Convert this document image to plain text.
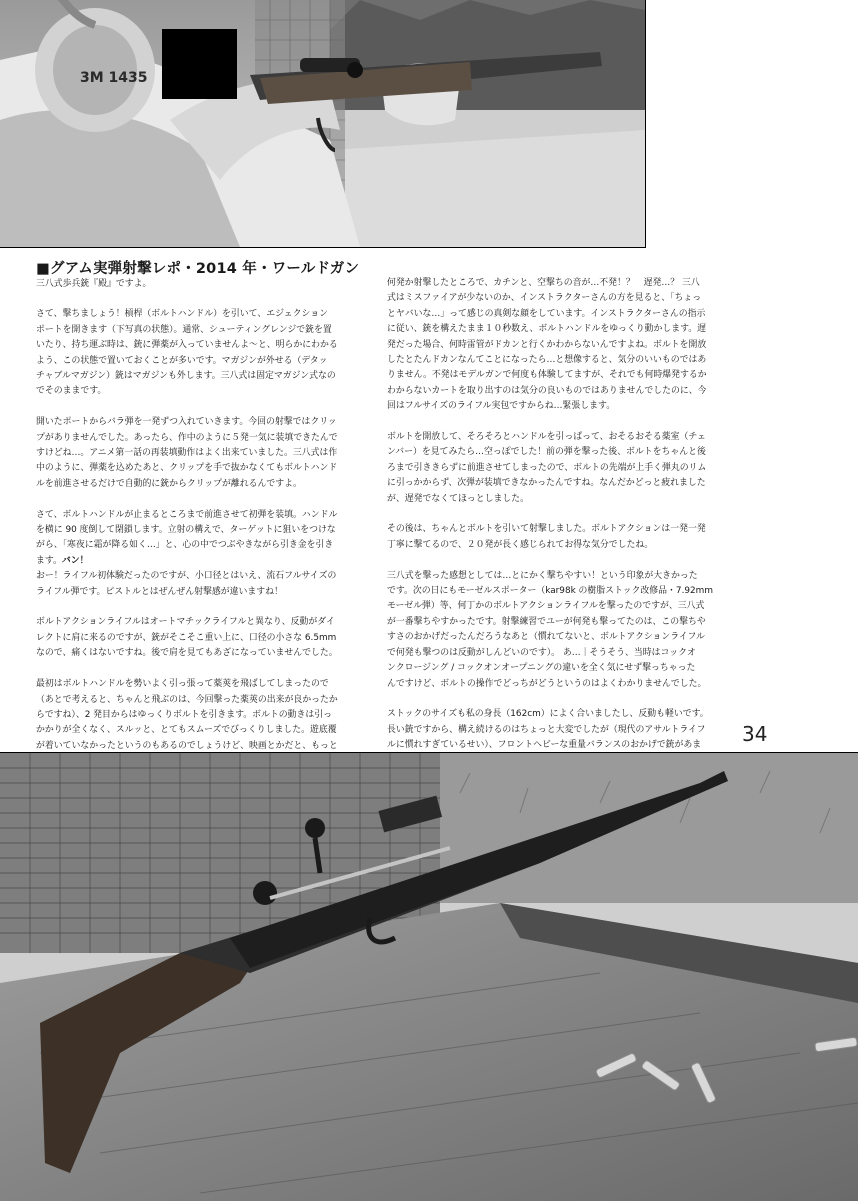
3M 1435
■グアム実弾射撃レポ・2014 年・ワールドガン

三八式歩兵銃『殿』ですよ。

さて、撃ちましょう！槓桿（ボルトハンドル）を引いて、エジェクション
ポートを開きます（下写真の状態）。通常、シューティングレンジで銃を置
いたり、持ち運ぶ時は、銃に弾薬が入っていませんよ～と、明らかにわかる
よう、この状態で置いておくことが多いです。マガジンが外せる（デタッ
チャブルマガジン）銃はマガジンも外します。三八式は固定マガジン式なの
でそのままです。

開いたポートからバラ弾を一発ずつ入れていきます。今回の射撃ではクリッ
プがありませんでした。あったら、作中のように５発一気に装填できたんで
すけどね…。アニメ第一話の再装填動作はよく出来ていました。三八式は作
中のように、弾薬を込めたあと、クリップを手で抜かなくてもボルトハンド
ルを前進させるだけで自動的に銃からクリップが離れるんですよ。

さて、ボルトハンドルが止まるところまで前進させて初弾を装填。ハンドル
を横に 90 度倒して閉鎖します。立射の構えで、ターゲットに狙いをつけな
がら、「寒夜に霜が降る如く…」と、心の中でつぶやきながら引き金を引き
ます。バン！

おー！ライフル初体験だったのですが、小口径とはいえ、流石フルサイズの
ライフル弾です。ピストルとはぜんぜん射撃感が違いますね！

ボルトアクションライフルはオートマチックライフルと異なり、反動がダイ
レクトに肩に来るのですが、銃がそこそこ重い上に、口径の小さな 6.5mm
なので、痛くはないですね。後で肩を見てもあざになっていませんでした。

最初はボルトハンドルを勢いよく引っ張って薬莢を飛ばしてしまったので
（あとで考えると、ちゃんと飛ぶのは、今回撃った薬莢の出来が良かったか
らですね）、2 発目からはゆっくりボルトを引きます。ボルトの動きは引っ
かかりが全くなく、スルッと、とてもスムーズでびっくりしました。遊底覆
が着いていなかったというのもあるのでしょうけど、映画とかだと、もっと

何発か射撃したところで、カチンと、空撃ちの音が…不発！？　遅発…？ 三八
式はミスファイアが少ないのか、インストラクターさんの方を見ると、「ちょっ
とヤバいな…」って感じの真剣な顔をしています。インストラクターさんの指示
に従い、銃を構えたまま１０秒数え、ボルトハンドルをゆっくり動かします。遅
発だった場合、何時雷管がドカンと行くかわからないんですよね。ボルトを開放
したとたんドカンなんてことになったら…と想像すると、気分のいいものではあ
りません。不発はモデルガンで何度も体験してますが、それでも何時爆発するか
わからないカートを取り出すのは気分の良いものではありませんでしたのに、今
回はフルサイズのライフル実包ですからね…緊張します。

ボルトを開放して、そろそろとハンドルを引っぱって、おそるおそる薬室（チェ
ンバー）を見てみたら…空っぽでした！前の弾を撃った後、ボルトをちゃんと後
ろまで引ききらずに前進させてしまったので、ボルトの先端が上手く弾丸のリム
に引っかからず、次弾が装填できなかったんですね。なんだかどっと疲れました
が、遅発でなくてほっとしました。

その後は、ちゃんとボルトを引いて射撃しました。ボルトアクションは一発一発
丁寧に撃てるので、２０発が長く感じられてお得な気分でしたね。

三八式を撃った感想としては…とにかく撃ちやすい！という印象が大きかった
です。次の日にもモーゼルスポーター（kar98k の樹脂ストック改修品・7.92mm
モーゼル弾）等、何丁かのボルトアクションライフルを撃ったのですが、三八式
が一番撃ちやすかったです。射撃練習でユーが何発も撃ってたのは、この撃ちや
すさのおかげだったんだろうなあと（慣れてないと、ボルトアクションライフル
で何発も撃つのは反動がしんどいのです）。 あ…｜そうそう、当時はコックオ
ンクロージング / コックオンオープニングの違いを全く気にせず撃っちゃった
んですけど、ボルトの操作でどっちがどうというのはよくわかりませんでした。

ストックのサイズも私の身長（162cm）によく合いましたし、反動も軽いです。
長い銃ですから、構え続けるのはちょっと大変でしたが（現代のアサルトライフ
ルに慣れすぎているせい）、フロントヘビーな重量バランスのおかげで銃があま	34
